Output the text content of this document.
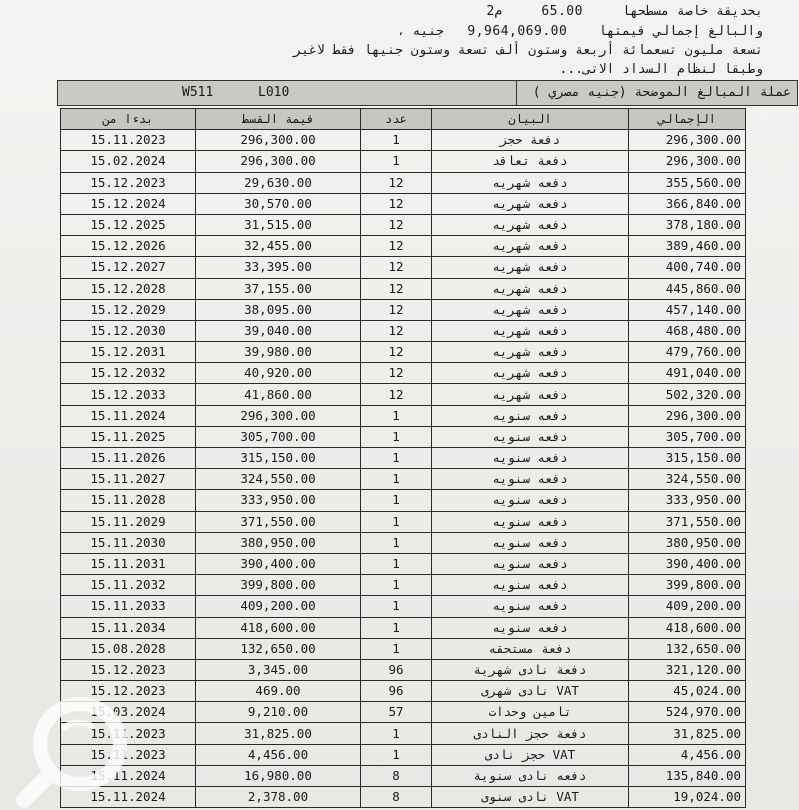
بحديقة خاصة مسطحها     65.00     م2
والبالغ إجمالي قيمتها    9,964,069.00   جنيه ،
تسعة مليون تسعمائة أربعة وستون ألف تسعة وستون جنيها فقط لاغير
وطبقا لنظام السداد الاتى...
W511	L010	عملة المبالغ الموضحة (جنيه مصري )
بدءا من	قيمة القسط	عدد	البيان	الإجمالي
15.11.2023	296,300.00	1	دفعة حجز	296,300.00
15.02.2024	296,300.00	1	دفعة تعاقد	296,300.00
15.12.2023	29,630.00	12	دفعه شهريه	355,560.00
15.12.2024	30,570.00	12	دفعه شهريه	366,840.00
15.12.2025	31,515.00	12	دفعه شهريه	378,180.00
15.12.2026	32,455.00	12	دفعه شهريه	389,460.00
15.12.2027	33,395.00	12	دفعه شهريه	400,740.00
15.12.2028	37,155.00	12	دفعه شهريه	445,860.00
15.12.2029	38,095.00	12	دفعه شهريه	457,140.00
15.12.2030	39,040.00	12	دفعه شهريه	468,480.00
15.12.2031	39,980.00	12	دفعه شهريه	479,760.00
15.12.2032	40,920.00	12	دفعه شهريه	491,040.00
15.12.2033	41,860.00	12	دفعه شهريه	502,320.00
15.11.2024	296,300.00	1	دفعه سنويه	296,300.00
15.11.2025	305,700.00	1	دفعه سنويه	305,700.00
15.11.2026	315,150.00	1	دفعه سنويه	315,150.00
15.11.2027	324,550.00	1	دفعه سنويه	324,550.00
15.11.2028	333,950.00	1	دفعه سنويه	333,950.00
15.11.2029	371,550.00	1	دفعه سنويه	371,550.00
15.11.2030	380,950.00	1	دفعه سنويه	380,950.00
15.11.2031	390,400.00	1	دفعه سنويه	390,400.00
15.11.2032	399,800.00	1	دفعه سنويه	399,800.00
15.11.2033	409,200.00	1	دفعه سنويه	409,200.00
15.11.2034	418,600.00	1	دفعه سنويه	418,600.00
15.08.2028	132,650.00	1	دفعة مستحقه	132,650.00
15.12.2023	3,345.00	96	دفعة نادى شهرية	321,120.00
15.12.2023	469.00	96	VAT نادى شهرى	45,024.00
15.03.2024	9,210.00	57	تامين وحدات	524,970.00
15.11.2023	31,825.00	1	دفعة حجز النادى	31,825.00
15.11.2023	4,456.00	1	VAT حجز نادى	4,456.00
15.11.2024	16,980.00	8	دفعه نادى سنوية	135,840.00
15.11.2024	2,378.00	8	VAT نادى سنوى	19,024.00
